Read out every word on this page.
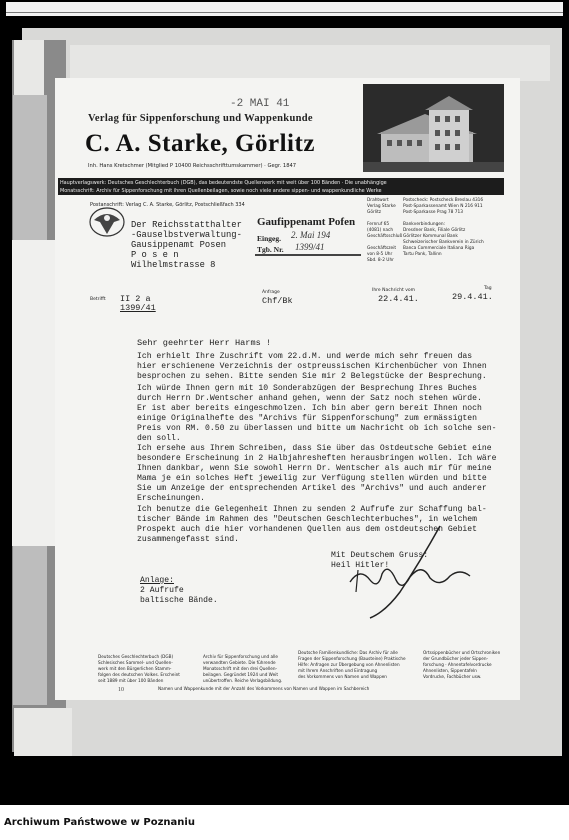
-2 MAI 41
Verlag für Sippenforschung und Wappenkunde
C. A. Starke, Görlitz
Inh. Hans Kretschmer (Mitglied P 10400 Reichsschrifttumskammer) · Gegr. 1847
Hauptverlagswerk: Deutsches Geschlechterbuch (DGB), das bedeutendste Quellenwerk mit weit über 100 Bänden · Die unabhängige
Monatsschrift: Archiv für Sippenforschung mit ihren Quellenbeilagen, sowie noch viele andere sippen- und wappenkundliche Werke
Postanschrift: Verlag C. A. Starke, Görlitz, Postschließfach 334
Drahtwort
Verlag Starke
Görlitz

Fernruf 65
(4081) nach
Geschäftsschluß

Geschäftszeit
von 8-5 Uhr
Sbd. 8-2 Uhr
Postscheck: Postscheck Breslau 4316
Post-Sparkassenamt Wien N 216 911
Post-Sparkasse Prag 78 713

Bankverbindungen:
Dresdner Bank, Filiale Görlitz
Görlitzer Kommunal Bank
Schweizerischer Bankverein in Zürich
Banca Commerciale Italiana Riga
Tartu Pank, Tallinn
Der Reichsstatthalter
-Gauselbstverwaltung-
Gausippenamt Posen
P o s e n
Wilhelmstrasse 8
Gaufippenamt Pofen
Eingeg. 2. Mai 194
Tgb. Nr. 1399/41
Betrifft II 2 a
1399/41
Anfrage
Chf/Bk
Ihre Nachricht vom
22.4.41.
Tag
29.4.41.
Sehr geehrter Herr Harms !
Ich erhielt Ihre Zuschrift vom 22.d.M. und werde mich sehr freuen das
hier erschienene Verzeichnis der ostpreussischen Kirchenbücher von Ihnen
besprochen zu sehen. Bitte senden Sie mir 2 Belegstücke der Besprechung.
Ich würde Ihnen gern mit 10 Sonderabzügen der Besprechung Ihres Buches
durch Herrn Dr.Wentscher anhand gehen, wenn der Satz noch stehen würde.
Er ist aber bereits eingeschmolzen. Ich bin aber gern bereit Ihnen noch
einige Originalhefte des "Archivs für Sippenforschung" zum ermässigten
Preis von RM. 0.50 zu überlassen und bitte um Nachricht ob ich solche sen-
den soll.
Ich ersehe aus Ihrem Schreiben, dass Sie über das Ostdeutsche Gebiet eine
besondere Erscheinung in 2 Halbjahresheften herausbringen wollen. Ich wäre
Ihnen dankbar, wenn Sie sowohl Herrn Dr. Wentscher als auch mir für meine
Mama je ein solches Heft jeweilig zur Verfügung stellen würden und bitte
Sie um Anzeige der entsprechenden Artikel des "Archivs" und auch anderer
Erscheinungen.
Ich benutze die Gelegenheit Ihnen zu senden 2 Aufrufe zur Schaffung bal-
tischer Bände im Rahmen des "Deutschen Geschlechterbuches", in welchem
Prospekt auch die hier vorhandenen Quellen aus dem ostdeutschen Gebiet
zusammengefasst sind.
Mit Deutschem Gruss:
Heil Hitler!
Anlage:
2 Aufrufe
baltische Bände.
Deutsches Geschlechterbuch (DGB)
Schlesisches Sammel- und Quellen-
werk mit den Bürgerlichen Stamm-
folgen des deutschen Volkes. Erscheint
seit 1889 mit über 100 Bänden
Archiv für Sippenforschung und alle
verwandten Gebiete. Die führende
Monatsschrift mit den drei Quellen-
beilagen. Gegründet 1924 und Weit
unübertroffen. Reiche Verlagsbildung.
Deutsche Familienkundliche: Das Archiv für alle
Fragen der Sippenforschung (Bausteine) Praktische
Hilfe: Anfragen zur Übergebung von Ahnenlisten
mit Ihrem Anschriften und Eintragung
des Vorkommens von Namen und Wappen
Ortssippenbücher und Ortschroniken
der Grundbücher jeder Sippen-
forschung · Ahnentafelvordrucke
Ahnenlisten, Sippentafeln
Vordrucke, Fachbücher usw.
Namen und Wappenkunde mit der Anzahl des Vorkommens von Namen und Wappen im Sachbereich
10
Archiwum Państwowe w Poznaniu
